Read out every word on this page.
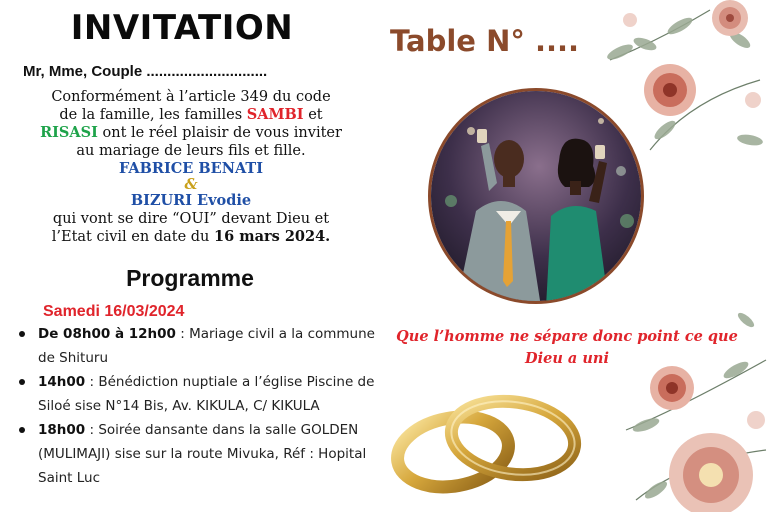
INVITATION
Mr, Mme, Couple .............................
Conformément à l’article 349 du code
de la famille, les familles SAMBI et
RISASI ont le réel plaisir de vous inviter
au mariage de leurs fils et fille.
FABRICE BENATI
&
BIZURI Evodie
qui vont se dire “OUI” devant Dieu et
l’Etat civil en date du 16 mars 2024.
Programme
Samedi 16/03/2024
De 08h00 à 12h00 : Mariage civil a la commune de Shituru
14h00 : Bénédiction nuptiale a l’église Piscine de Siloé sise N°14 Bis, Av. KIKULA, C/ KIKULA
18h00 : Soirée dansante dans la salle GOLDEN (MULIMAJI) sise sur la route Mivuka, Réf : Hopital Saint Luc
Table N° ....
Que l’homme ne sépare donc point ce que Dieu a uni
